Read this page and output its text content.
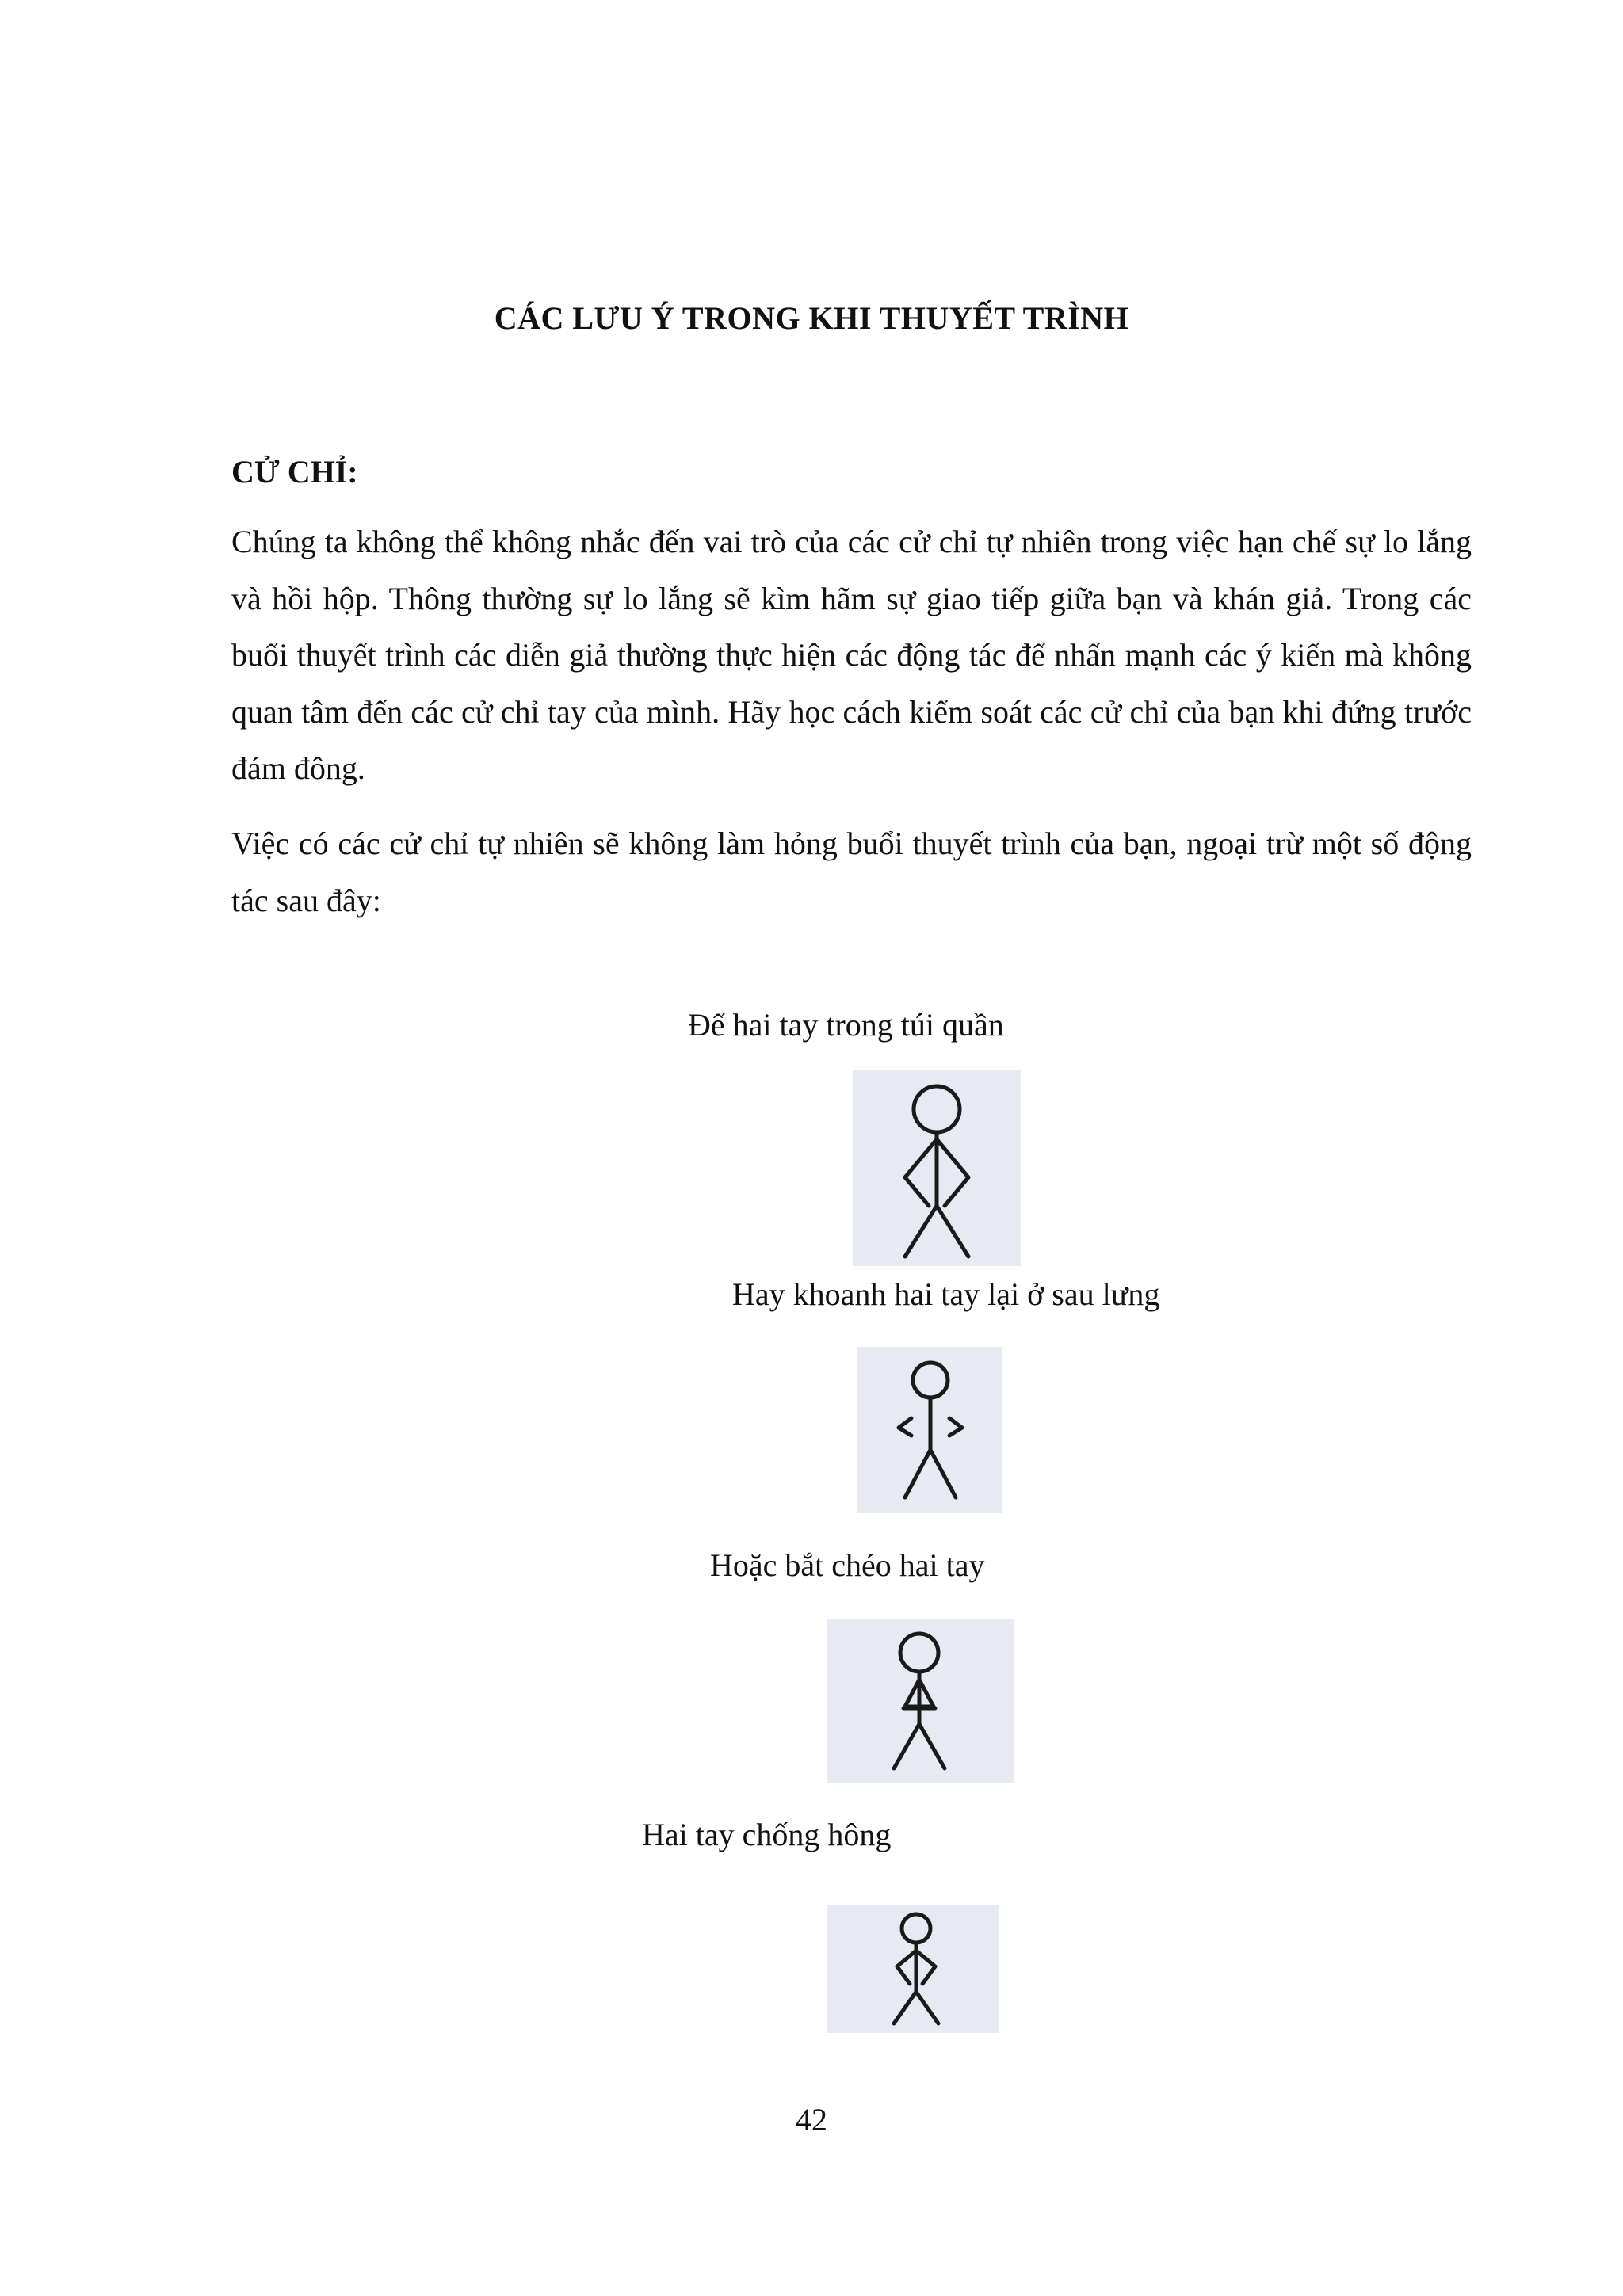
CÁC LƯU Ý TRONG KHI THUYẾT TRÌNH
CỬ CHỈ:
Chúng ta không thể không nhắc đến vai trò của các cử chỉ tự nhiên trong việc hạn chế sự lo lắng và hồi hộp. Thông thường sự lo lắng sẽ kìm hãm sự giao tiếp giữa bạn và khán giả. Trong các buổi thuyết trình các diễn giả thường thực hiện các động tác để nhấn mạnh các ý kiến mà không quan tâm đến các cử chỉ tay của mình. Hãy học cách kiểm soát các cử chỉ của bạn khi đứng trước đám đông.
Việc có các cử chỉ tự nhiên sẽ không làm hỏng buổi thuyết trình của bạn, ngoại trừ một số động tác sau đây:
Để hai tay trong túi quần
Hay khoanh hai tay lại ở sau lưng
Hoặc bắt chéo hai tay
Hai tay chống hông
42
